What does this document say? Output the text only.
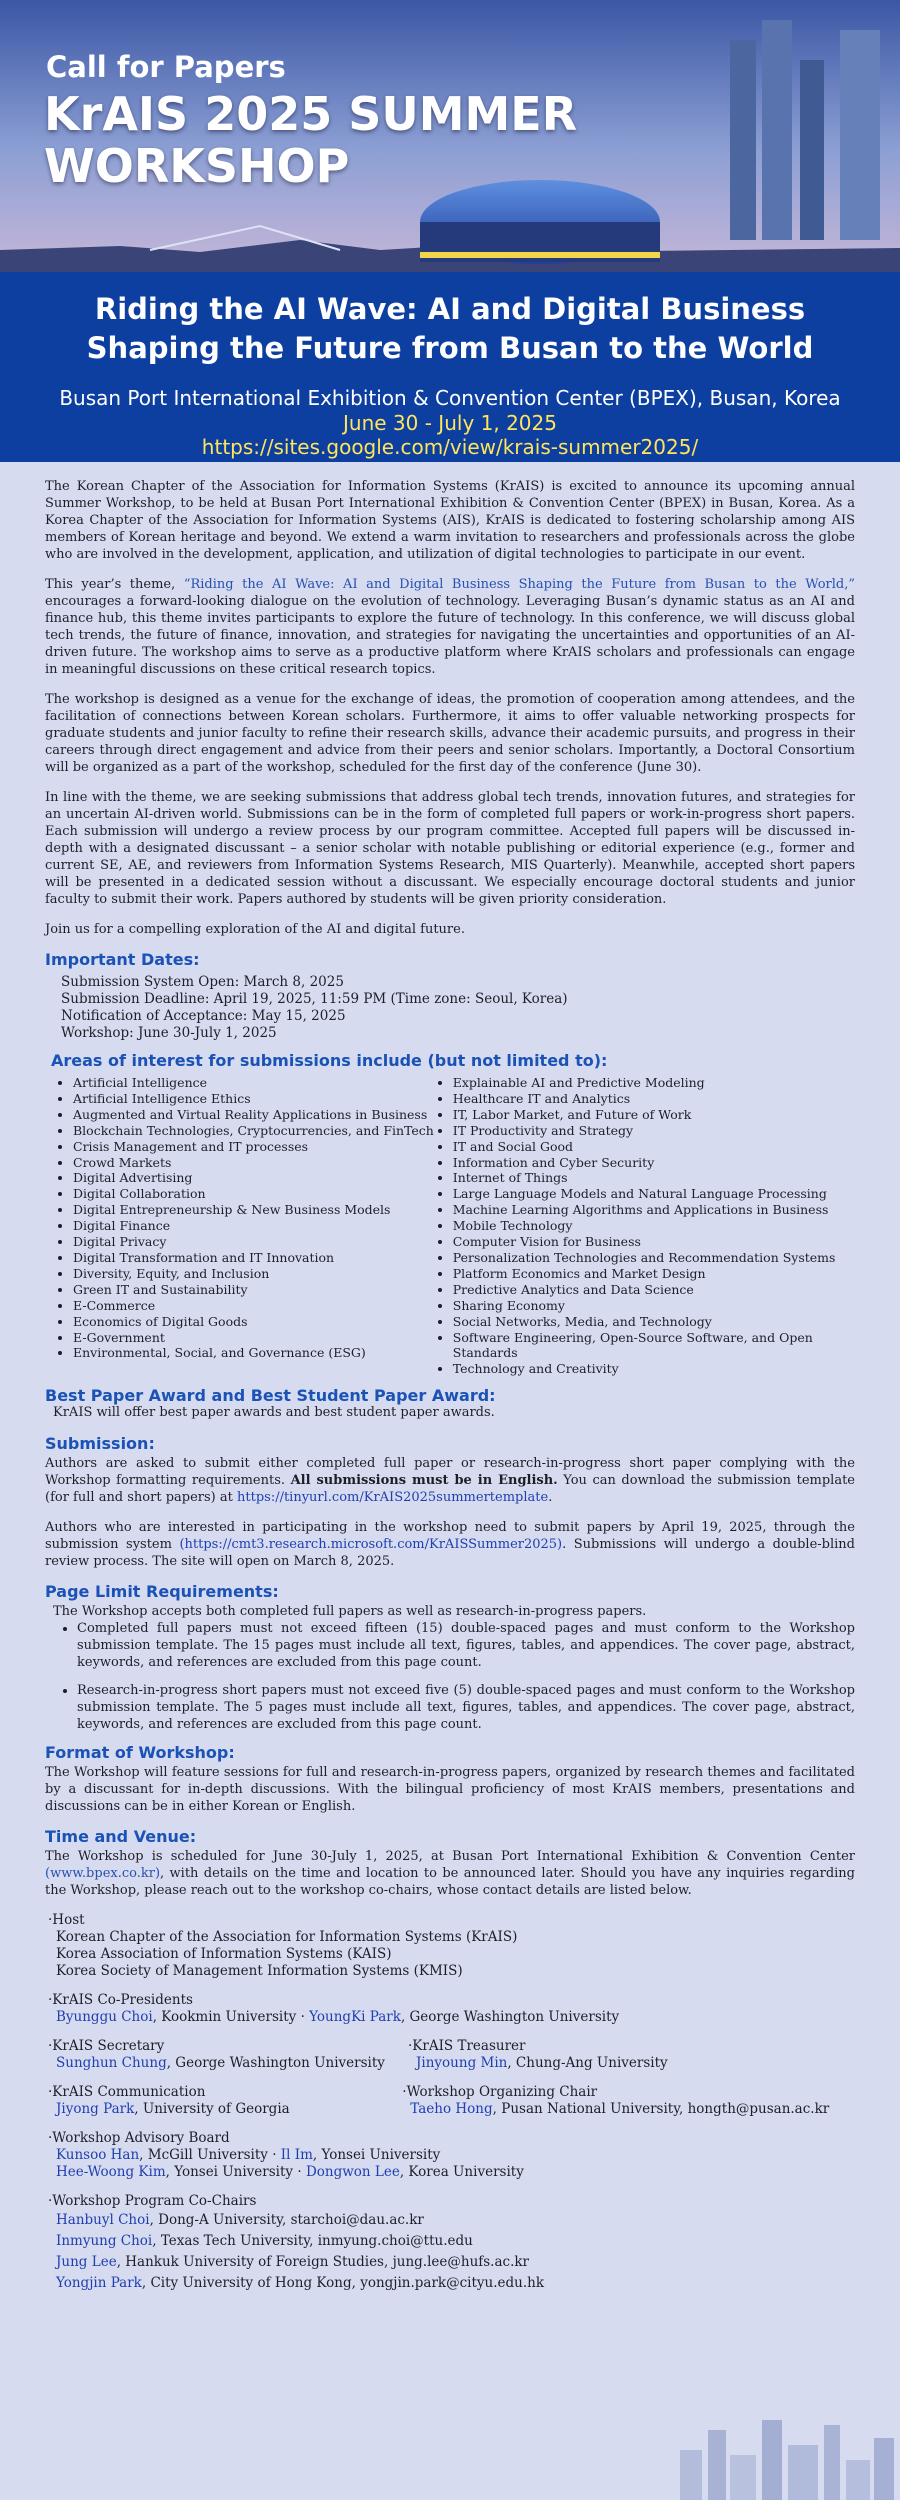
Call for Papers
KrAIS 2025 SUMMER WORKSHOP
Riding the AI Wave: AI and Digital Business Shaping the Future from Busan to the World
Busan Port International Exhibition & Convention Center (BPEX), Busan, Korea
June 30 - July 1, 2025
https://sites.google.com/view/krais-summer2025/

The Korean Chapter of the Association for Information Systems (KrAIS) is excited to announce its upcoming annual Summer Workshop, to be held at Busan Port International Exhibition & Convention Center (BPEX) in Busan, Korea. As a Korea Chapter of the Association for Information Systems (AIS), KrAIS is dedicated to fostering scholarship among AIS members of Korean heritage and beyond. We extend a warm invitation to researchers and professionals across the globe who are involved in the development, application, and utilization of digital technologies to participate in our event.

This year’s theme, “Riding the AI Wave: AI and Digital Business Shaping the Future from Busan to the World,” encourages a forward-looking dialogue on the evolution of technology. Leveraging Busan’s dynamic status as an AI and finance hub, this theme invites participants to explore the future of technology. In this conference, we will discuss global tech trends, the future of finance, innovation, and strategies for navigating the uncertainties and opportunities of an AI-driven future. The workshop aims to serve as a productive platform where KrAIS scholars and professionals can engage in meaningful discussions on these critical research topics.

The workshop is designed as a venue for the exchange of ideas, the promotion of cooperation among attendees, and the facilitation of connections between Korean scholars. Furthermore, it aims to offer valuable networking prospects for graduate students and junior faculty to refine their research skills, advance their academic pursuits, and progress in their careers through direct engagement and advice from their peers and senior scholars. Importantly, a Doctoral Consortium will be organized as a part of the workshop, scheduled for the first day of the conference (June 30).

In line with the theme, we are seeking submissions that address global tech trends, innovation futures, and strategies for an uncertain AI-driven world. Submissions can be in the form of completed full papers or work-in-progress short papers. Each submission will undergo a review process by our program committee. Accepted full papers will be discussed in-depth with a designated discussant – a senior scholar with notable publishing or editorial experience (e.g., former and current SE, AE, and reviewers from Information Systems Research, MIS Quarterly). Meanwhile, accepted short papers will be presented in a dedicated session without a discussant. We especially encourage doctoral students and junior faculty to submit their work. Papers authored by students will be given priority consideration.

Join us for a compelling exploration of the AI and digital future.

Important Dates:
Submission System Open: March 8, 2025
Submission Deadline: April 19, 2025, 11:59 PM (Time zone: Seoul, Korea)
Notification of Acceptance: May 15, 2025
Workshop: June 30-July 1, 2025
Areas of interest for submissions include (but not limited to):
• Artificial Intelligence
• Artificial Intelligence Ethics
• Augmented and Virtual Reality Applications in Business
• Blockchain Technologies, Cryptocurrencies, and FinTech
• Crisis Management and IT processes
• Crowd Markets
• Digital Advertising
• Digital Collaboration
• Digital Entrepreneurship & New Business Models
• Digital Finance
• Digital Privacy
• Digital Transformation and IT Innovation
• Diversity, Equity, and Inclusion
• Green IT and Sustainability
• E-Commerce
• Economics of Digital Goods
• E-Government
• Environmental, Social, and Governance (ESG)
• Explainable AI and Predictive Modeling
• Healthcare IT and Analytics
• IT, Labor Market, and Future of Work
• IT Productivity and Strategy
• IT and Social Good
• Information and Cyber Security
• Internet of Things
• Large Language Models and Natural Language Processing
• Machine Learning Algorithms and Applications in Business
• Mobile Technology
• Computer Vision for Business
• Personalization Technologies and Recommendation Systems
• Platform Economics and Market Design
• Predictive Analytics and Data Science
• Sharing Economy
• Social Networks, Media, and Technology
• Software Engineering, Open-Source Software, and Open Standards
• Technology and Creativity
Best Paper Award and Best Student Paper Award:
KrAIS will offer best paper awards and best student paper awards.
Submission:

Authors are asked to submit either completed full paper or research-in-progress short paper complying with the Workshop formatting requirements. All submissions must be in English. You can download the submission template (for full and short papers) at https://tinyurl.com/KrAIS2025summertemplate.

Authors who are interested in participating in the workshop need to submit papers by April 19, 2025, through the submission system (https://cmt3.research.microsoft.com/KrAISSummer2025). Submissions will undergo a double-blind review process. The site will open on March 8, 2025.

Page Limit Requirements:
The Workshop accepts both completed full papers as well as research-in-progress papers.
• Completed full papers must not exceed fifteen (15) double-spaced pages and must conform to the Workshop submission template. The 15 pages must include all text, figures, tables, and appendices. The cover page, abstract, keywords, and references are excluded from this page count.
• Research-in-progress short papers must not exceed five (5) double-spaced pages and must conform to the Workshop submission template. The 5 pages must include all text, figures, tables, and appendices. The cover page, abstract, keywords, and references are excluded from this page count.
Format of Workshop:

The Workshop will feature sessions for full and research-in-progress papers, organized by research themes and facilitated by a discussant for in-depth discussions. With the bilingual proficiency of most KrAIS members, presentations and discussions can be in either Korean or English.

Time and Venue:

The Workshop is scheduled for June 30-July 1, 2025, at Busan Port International Exhibition & Convention Center (www.bpex.co.kr), with details on the time and location to be announced later. Should you have any inquiries regarding the Workshop, please reach out to the workshop co-chairs, whose contact details are listed below.

·Host
Korean Chapter of the Association for Information Systems (KrAIS)
Korea Association of Information Systems (KAIS)
Korea Society of Management Information Systems (KMIS)
·KrAIS Co-Presidents
Byunggu Choi, Kookmin University · YoungKi Park, George Washington University
·KrAIS Secretary
Sunghun Chung, George Washington University
·KrAIS Treasurer
Jinyoung Min, Chung-Ang University
·KrAIS Communication
Jiyong Park, University of Georgia
·Workshop Organizing Chair
Taeho Hong, Pusan National University, hongth@pusan.ac.kr
·Workshop Advisory Board
Kunsoo Han, McGill University · Il Im, Yonsei University
Hee-Woong Kim, Yonsei University · Dongwon Lee, Korea University
·Workshop Program Co-Chairs
Hanbuyl Choi, Dong-A University, starchoi@dau.ac.kr
Inmyung Choi, Texas Tech University, inmyung.choi@ttu.edu
Jung Lee, Hankuk University of Foreign Studies, jung.lee@hufs.ac.kr
Yongjin Park, City University of Hong Kong, yongjin.park@cityu.edu.hk
